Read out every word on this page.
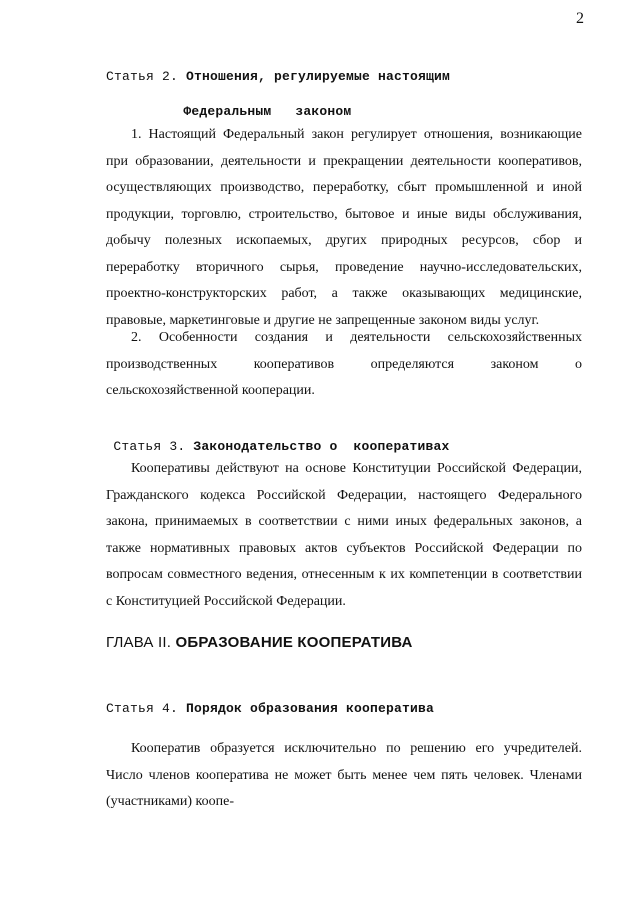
2
Статья 2. Отношения, регулируемые настоящим

Федеральным   законом

1. Настоящий Федеральный закон регулирует отношения, возникающие при образовании, деятельности и прекращении деятельности кооперативов, осуществляющих производство, переработку, сбыт промышленной и иной продукции, торговлю, строительство, бытовое и иные виды обслуживания, добычу полезных ископаемых, других природных ресурсов, сбор и переработку вторичного сырья, проведение научно-исследовательских, проектно-конструкторских работ, а также оказывающих медицинские, правовые, маркетинговые и другие не запрещенные законом виды услуг.

2. Особенности создания и деятельности сельскохозяйственных производственных кооперативов определяются законом о сельскохозяйственной кооперации.

Статья 3. Законодательство о  кооперативах

Кооперативы действуют на основе Конституции Российской Федерации, Гражданского кодекса Российской Федерации, настоящего Федерального закона, принимаемых в соответствии с ними иных федеральных законов, а также нормативных правовых актов субъектов Российской Федерации по вопросам совместного ведения, отнесенным к их компетенции в соответствии с Конституцией Российской Федерации.

ГЛАВА II. ОБРАЗОВАНИЕ КООПЕРАТИВА
Статья 4. Порядок образования кооператива

Кооператив образуется исключительно по решению его учредителей. Число членов кооператива не может быть менее чем пять человек. Членами (участниками) коопе-
